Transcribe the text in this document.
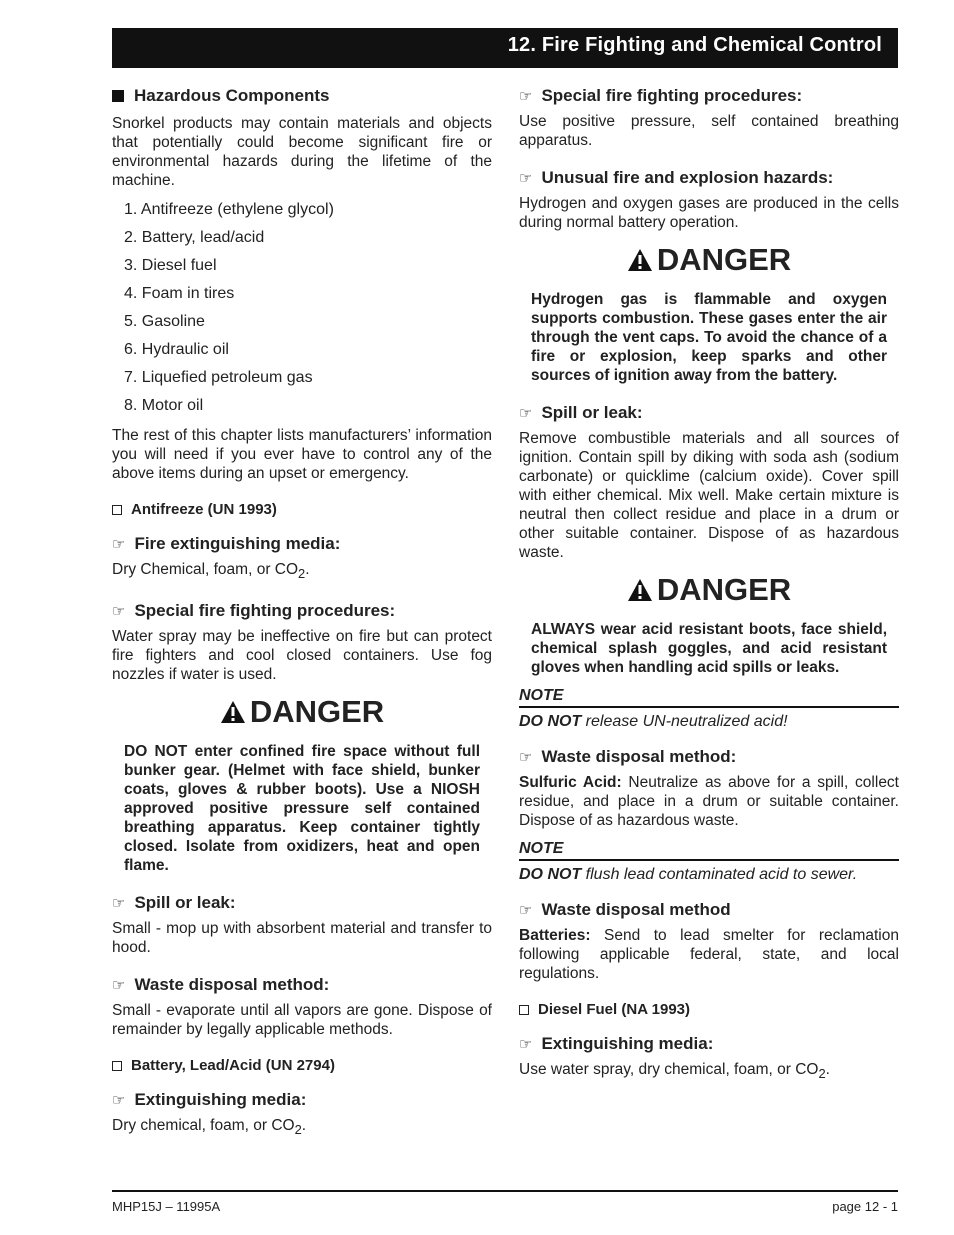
12. Fire Fighting and Chemical Control
Hazardous Components

Snorkel products may contain materials and objects that potentially could become significant fire or environmental hazards during the lifetime of the machine.

1. Antifreeze (ethylene glycol)
2. Battery, lead/acid
3. Diesel fuel
4. Foam in tires
5. Gasoline
6. Hydraulic oil
7. Liquefied petroleum gas
8. Motor oil

The rest of this chapter lists manufacturers’ information you will need if you ever have to control any of the above items during an upset or emergency.

Antifreeze (UN 1993)
☞ Fire extinguishing media:

Dry Chemical, foam, or $CO_2$.

☞ Special fire fighting procedures:

Water spray may be ineffective on fire but can protect fire fighters and cool closed containers. Use fog nozzles if water is used.

DANGER

DO NOT enter confined fire space without full bunker gear. (Helmet with face shield, bunker coats, gloves & rubber boots). Use a NIOSH approved positive pressure self contained breathing apparatus. Keep container tightly closed. Isolate from oxidizers, heat and open flame.

☞ Spill or leak:

Small - mop up with absorbent material and transfer to hood.

☞ Waste disposal method:

Small - evaporate until all vapors are gone. Dispose of remainder by legally applicable methods.

Battery, Lead/Acid (UN 2794)
☞ Extinguishing media:

Dry chemical, foam, or $CO_2$.

☞ Special fire fighting procedures:

Use positive pressure, self contained breathing apparatus.

☞ Unusual fire and explosion hazards:

Hydrogen and oxygen gases are produced in the cells during normal battery operation.

DANGER

Hydrogen gas is flammable and oxygen supports combustion. These gases enter the air through the vent caps. To avoid the chance of a fire or explosion, keep sparks and other sources of ignition away from the battery.

☞ Spill or leak:

Remove combustible materials and all sources of ignition. Contain spill by diking with soda ash (sodium carbonate) or quicklime (calcium oxide). Cover spill with either chemical. Mix well. Make certain mixture is neutral then collect residue and place in a drum or other suitable container. Dispose of as hazardous waste.

DANGER

ALWAYS wear acid resistant boots, face shield, chemical splash goggles, and acid resistant gloves when handling acid spills or leaks.

NOTE
DO NOT release UN-neutralized acid!
☞ Waste disposal method:

Sulfuric Acid: Neutralize as above for a spill, collect residue, and place in a drum or suitable container. Dispose of as hazardous waste.

NOTE
DO NOT flush lead contaminated acid to sewer.
☞ Waste disposal method

Batteries: Send to lead smelter for reclamation following applicable federal, state, and local regulations.

Diesel Fuel (NA 1993)
☞ Extinguishing media:

Use water spray, dry chemical, foam, or $CO_2$.

MHP15J – 11995A	page 12 - 1
